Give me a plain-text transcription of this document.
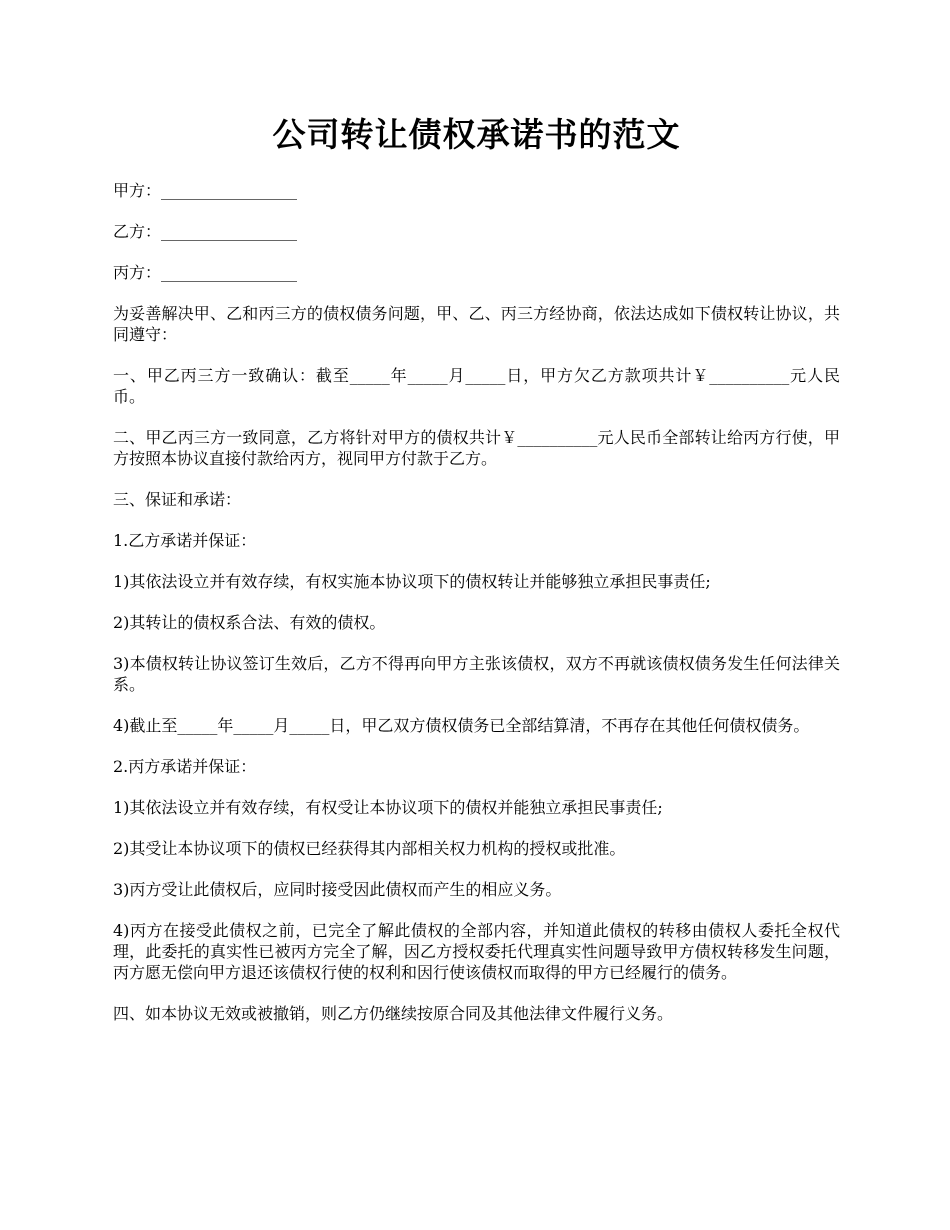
公司转让债权承诺书的范文

甲方：_________________

乙方：_________________

丙方：_________________

为妥善解决甲、乙和丙三方的债权债务问题，甲、乙、丙三方经协商，依法达成如下债权转让协议，共同遵守：

一、甲乙丙三方一致确认：截至_____年_____月_____日，甲方欠乙方款项共计￥__________元人民币。

二、甲乙丙三方一致同意，乙方将针对甲方的债权共计￥__________元人民币全部转让给丙方行使，甲方按照本协议直接付款给丙方，视同甲方付款于乙方。

三、保证和承诺：

1.乙方承诺并保证：

1)其依法设立并有效存续，有权实施本协议项下的债权转让并能够独立承担民事责任;

2)其转让的债权系合法、有效的债权。

3)本债权转让协议签订生效后，乙方不得再向甲方主张该债权，双方不再就该债权债务发生任何法律关系。

4)截止至_____年_____月_____日，甲乙双方债权债务已全部结算清，不再存在其他任何债权债务。

2.丙方承诺并保证：

1)其依法设立并有效存续，有权受让本协议项下的债权并能独立承担民事责任;

2)其受让本协议项下的债权已经获得其内部相关权力机构的授权或批准。

3)丙方受让此债权后，应同时接受因此债权而产生的相应义务。

4)丙方在接受此债权之前，已完全了解此债权的全部内容，并知道此债权的转移由债权人委托全权代理，此委托的真实性已被丙方完全了解，因乙方授权委托代理真实性问题导致甲方债权转移发生问题，丙方愿无偿向甲方退还该债权行使的权利和因行使该债权而取得的甲方已经履行的债务。

四、如本协议无效或被撤销，则乙方仍继续按原合同及其他法律文件履行义务。
